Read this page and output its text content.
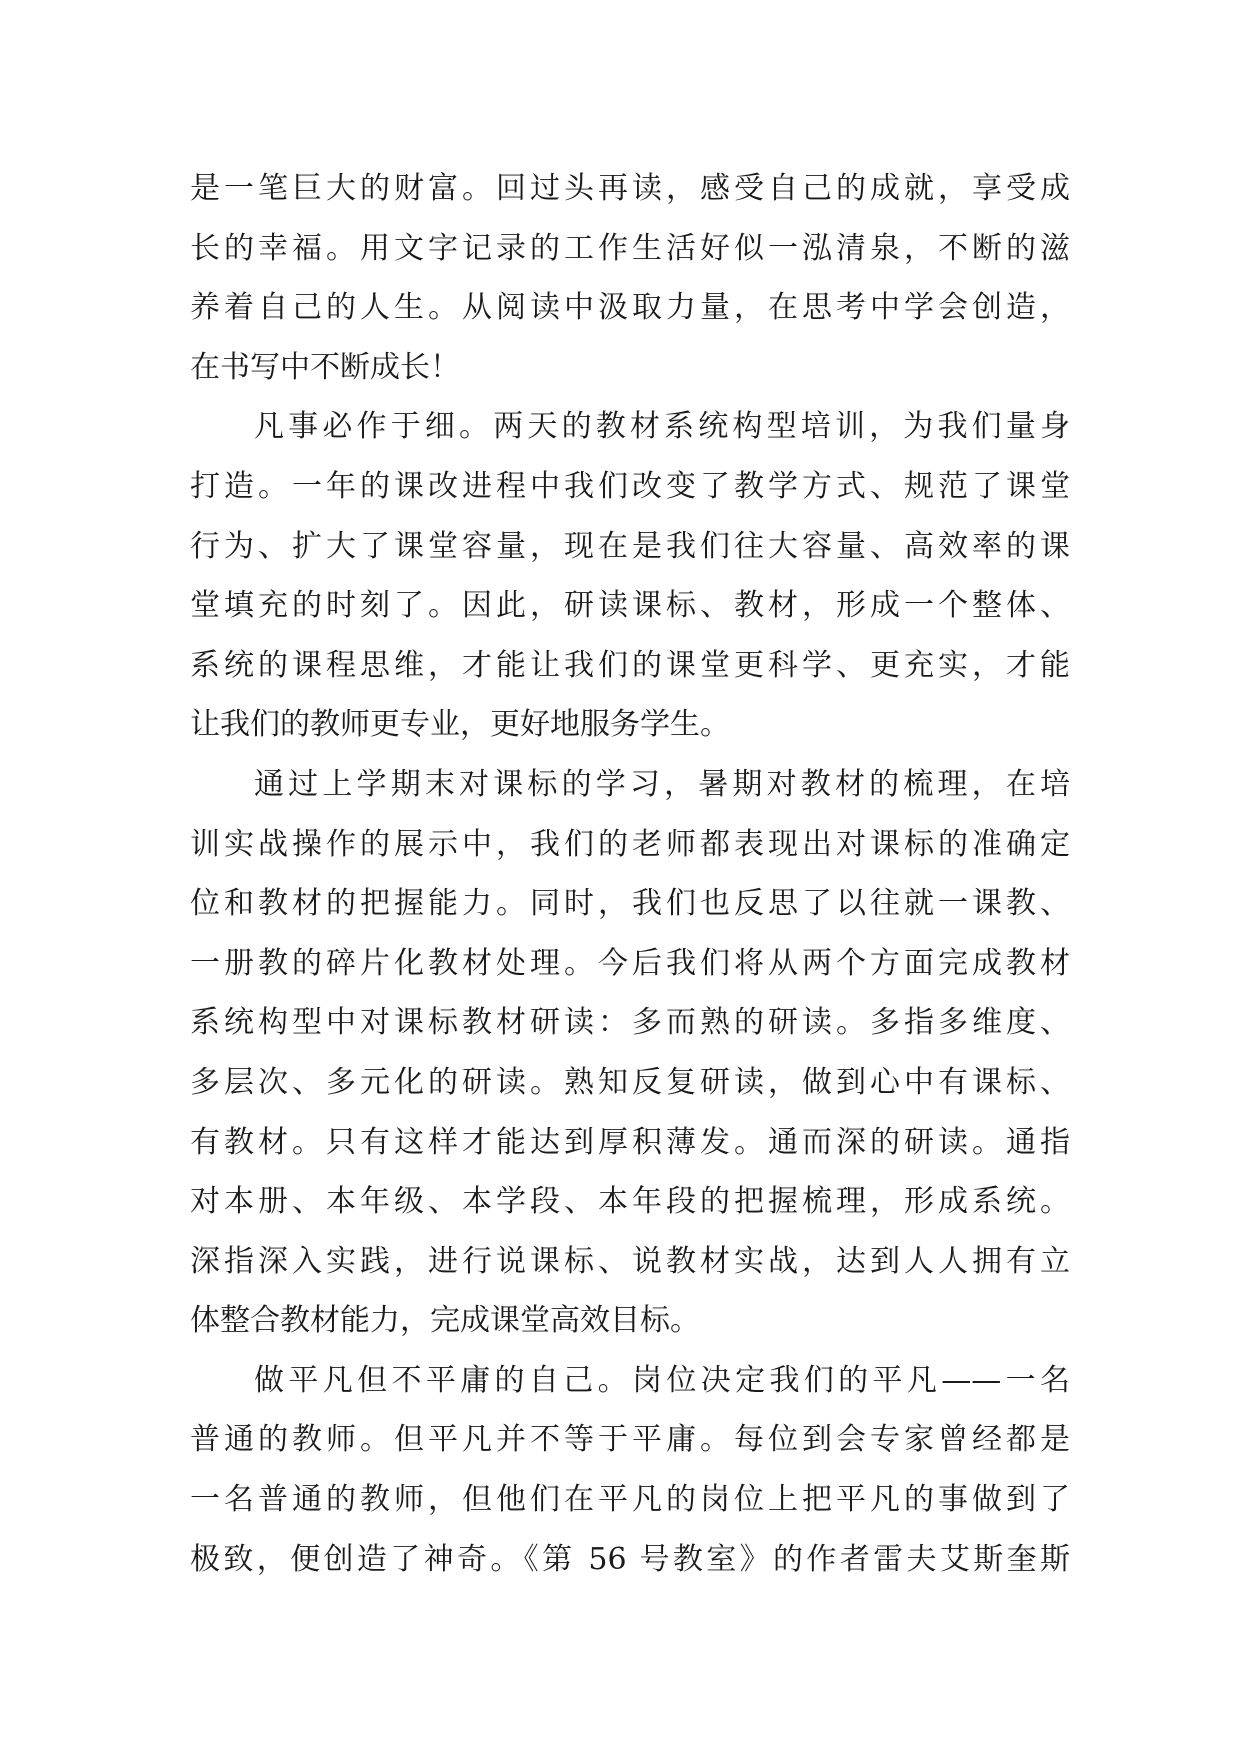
是一笔巨大的财富。回过头再读，感受自己的成就，享受成
长的幸福。用文字记录的工作生活好似一泓清泉，不断的滋
养着自己的人生。从阅读中汲取力量，在思考中学会创造，
在书写中不断成长！
凡事必作于细。两天的教材系统构型培训，为我们量身
打造。一年的课改进程中我们改变了教学方式、规范了课堂
行为、扩大了课堂容量，现在是我们往大容量、高效率的课
堂填充的时刻了。因此，研读课标、教材，形成一个整体、
系统的课程思维，才能让我们的课堂更科学、更充实，才能
让我们的教师更专业，更好地服务学生。
通过上学期末对课标的学习，暑期对教材的梳理，在培
训实战操作的展示中，我们的老师都表现出对课标的准确定
位和教材的把握能力。同时，我们也反思了以往就一课教、
一册教的碎片化教材处理。今后我们将从两个方面完成教材
系统构型中对课标教材研读：多而熟的研读。多指多维度、
多层次、多元化的研读。熟知反复研读，做到心中有课标、
有教材。只有这样才能达到厚积薄发。通而深的研读。通指
对本册、本年级、本学段、本年段的把握梳理，形成系统。
深指深入实践，进行说课标、说教材实战，达到人人拥有立
体整合教材能力，完成课堂高效目标。
做平凡但不平庸的自己。岗位决定我们的平凡——一名
普通的教师。但平凡并不等于平庸。每位到会专家曾经都是
一名普通的教师，但他们在平凡的岗位上把平凡的事做到了
极致，便创造了神奇。《第 56 号教室》的作者雷夫艾斯奎斯
